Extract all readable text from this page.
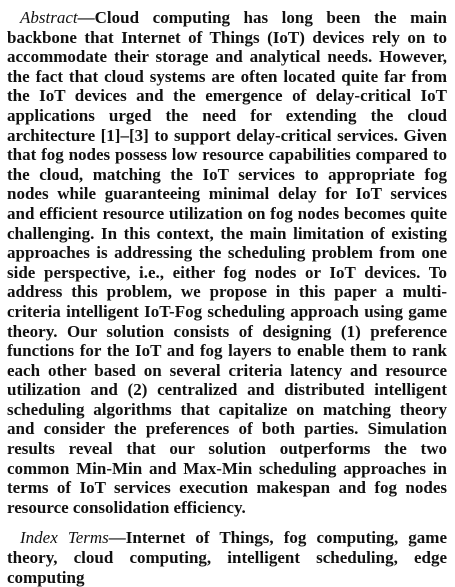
Abstract—Cloud computing has long been the main backbone that Internet of Things (IoT) devices rely on to accommodate their storage and analytical needs. However, the fact that cloud systems are often located quite far from the IoT devices and the emergence of delay-critical IoT applications urged the need for extending the cloud architecture [1]–[3] to support delay-critical services. Given that fog nodes possess low resource capabilities compared to the cloud, matching the IoT services to appropriate fog nodes while guaranteeing minimal delay for IoT services and efficient resource utilization on fog nodes becomes quite challenging. In this context, the main limitation of existing approaches is addressing the scheduling problem from one side perspective, i.e., either fog nodes or IoT devices. To address this problem, we propose in this paper a multi-criteria intelligent IoT-Fog scheduling approach using game theory. Our solution consists of designing (1) preference functions for the IoT and fog layers to enable them to rank each other based on several criteria latency and resource utilization and (2) centralized and distributed intelligent scheduling algorithms that capitalize on matching theory and consider the preferences of both parties. Simulation results reveal that our solution outperforms the two common Min-Min and Max-Min scheduling approaches in terms of IoT services execution makespan and fog nodes resource consolidation efficiency.

Index Terms—Internet of Things, fog computing, game theory, cloud computing, intelligent scheduling, edge computing
